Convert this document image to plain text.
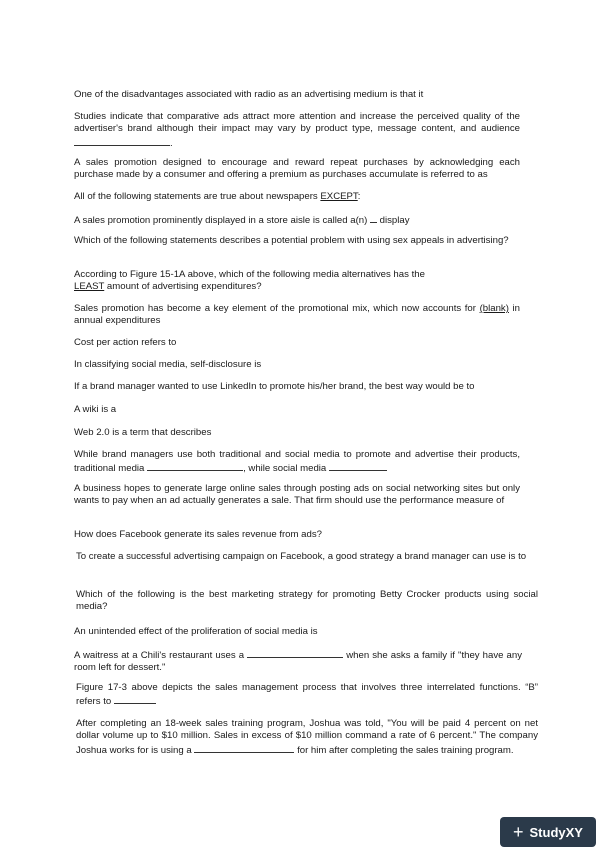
One of the disadvantages associated with radio as an advertising medium is that it
Studies indicate that comparative ads attract more attention and increase the perceived quality of the advertiser's brand although their impact may vary by product type, message content, and audience .
A sales promotion designed to encourage and reward repeat purchases by acknowledging each purchase made by a consumer and offering a premium as purchases accumulate is referred to as
All of the following statements are true about newspapers EXCEPT:
A sales promotion prominently displayed in a store aisle is called a(n) display
Which of the following statements describes a potential problem with using sex appeals in advertising?
According to Figure 15-1A above, which of the following media alternatives has the
LEAST amount of advertising expenditures?
Sales promotion has become a key element of the promotional mix, which now accounts for (blank) in annual expenditures
Cost per action refers to
In classifying social media, self-disclosure is
If a brand manager wanted to use LinkedIn to promote his/her brand, the best way would be to
A wiki is a
Web 2.0 is a term that describes
While brand managers use both traditional and social media to promote and advertise their products, traditional media	, while social media
A business hopes to generate large online sales through posting ads on social networking sites but only wants to pay when an ad actually generates a sale. That firm should use the performance measure of
How does Facebook generate its sales revenue from ads?
To create a successful advertising campaign on Facebook, a good strategy a brand manager can use is to
Which of the following is the best marketing strategy for promoting Betty Crocker products using social media?
An unintended effect of the proliferation of social media is
A waitress at a Chili's restaurant uses a	when she asks a family if "they have any room left for dessert."
Figure 17-3 above depicts the sales management process that involves three interrelated functions. “B” refers to
After completing an 18-week sales training program, Joshua was told, "You will be paid 4 percent on net dollar volume up to $10 million. Sales in excess of $10 million command a rate of 6 percent." The company Joshua works for is using a	for him after completing the sales training program.
+ StudyXY
